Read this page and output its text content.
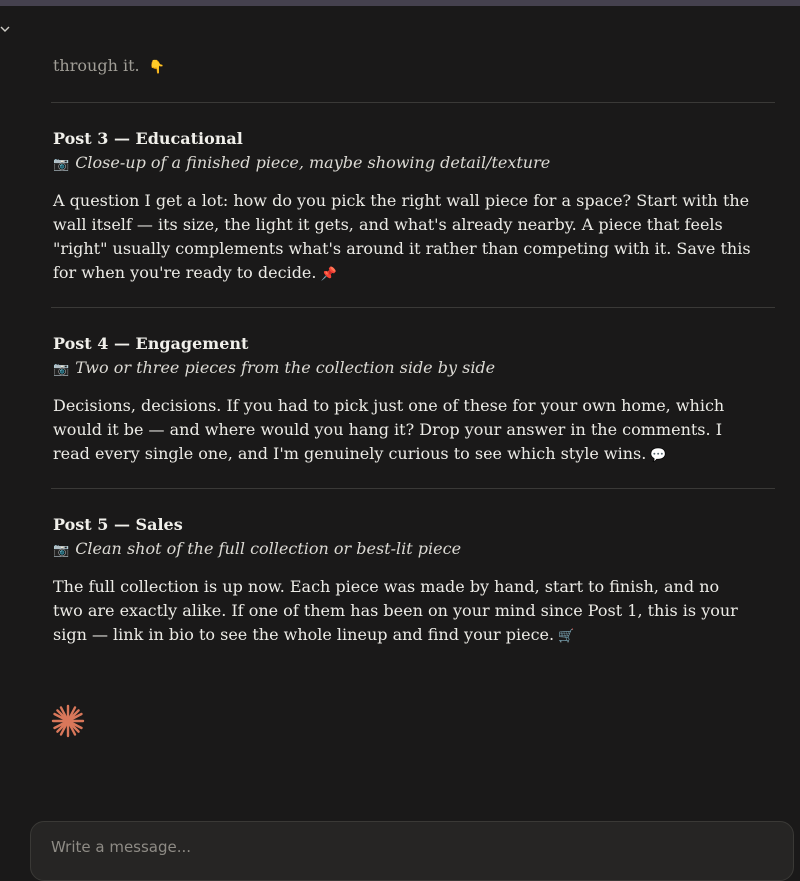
through it. 👇

Post 3 — Educational

📷 Close-up of a finished piece, maybe showing detail/texture

A question I get a lot: how do you pick the right wall piece for a space? Start with the wall itself — its size, the light it gets, and what's already nearby. A piece that feels "right" usually complements what's around it rather than competing with it. Save this for when you're ready to decide. 📌

Post 4 — Engagement

📷 Two or three pieces from the collection side by side

Decisions, decisions. If you had to pick just one of these for your own home, which would it be — and where would you hang it? Drop your answer in the comments. I read every single one, and I'm genuinely curious to see which style wins. 💬

Post 5 — Sales

📷 Clean shot of the full collection or best-lit piece

The full collection is up now. Each piece was made by hand, start to finish, and no two are exactly alike. If one of them has been on your mind since Post 1, this is your sign — link in bio to see the whole lineup and find your piece. 🛒

Write a message...
